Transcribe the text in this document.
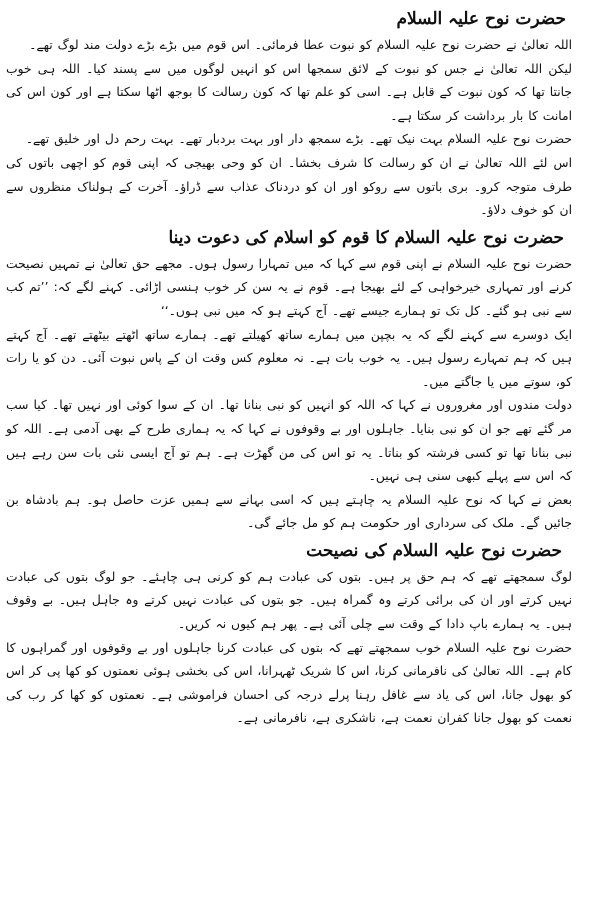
حضرت نوح علیہ السلام

اللہ تعالیٰ نے حضرت نوح علیہ السلام کو نبوت عطا فرمائی۔ اس قوم میں بڑے بڑے دولت مند لوگ تھے۔

لیکن اللہ تعالیٰ نے جس کو نبوت کے لائق سمجھا اس کو انہیں لوگوں میں سے پسند کیا۔ اللہ ہی خوب جانتا تھا کہ کون نبوت کے قابل ہے۔ اسی کو علم تھا کہ کون رسالت کا بوجھ اٹھا سکتا ہے اور کون اس کی امانت کا بار برداشت کر سکتا ہے۔

حضرت نوح علیہ السلام بہت نیک تھے۔ بڑے سمجھ دار اور بہت بردبار تھے۔ بہت رحم دل اور خلیق تھے۔

اس لئے اللہ تعالیٰ نے ان کو رسالت کا شرف بخشا۔ ان کو وحی بھیجی کہ اپنی قوم کو اچھی باتوں کی طرف متوجہ کرو۔ بری باتوں سے روکو اور ان کو دردناک عذاب سے ڈراؤ۔ آخرت کے ہولناک منظروں سے ان کو خوف دلاؤ۔

حضرت نوح علیہ السلام کا قوم کو اسلام کی دعوت دینا

حضرت نوح علیہ السلام نے اپنی قوم سے کہا کہ میں تمہارا رسول ہوں۔ مجھے حق تعالیٰ نے تمہیں نصیحت کرنے اور تمہاری خیرخواہی کے لئے بھیجا ہے۔ قوم نے یہ سن کر خوب ہنسی اڑائی۔ کہنے لگے کہ: ’’تم کب سے نبی ہو گئے۔ کل تک تو ہمارے جیسے تھے۔ آج کہتے ہو کہ میں نبی ہوں۔‘‘

ایک دوسرے سے کہنے لگے کہ یہ بچپن میں ہمارے ساتھ کھیلتے تھے۔ ہمارے ساتھ اٹھتے بیٹھتے تھے۔ آج کہتے ہیں کہ ہم تمہارے رسول ہیں۔ یہ خوب بات ہے۔ نہ معلوم کس وقت ان کے پاس نبوت آئی۔ دن کو یا رات کو، سوتے میں یا جاگتے میں۔

دولت مندوں اور مغروروں نے کہا کہ اللہ کو انہیں کو نبی بنانا تھا۔ ان کے سوا کوئی اور نہیں تھا۔ کیا سب مر گئے تھے جو ان کو نبی بنایا۔ جاہلوں اور بے وقوفوں نے کہا کہ یہ ہماری طرح کے بھی آدمی ہے۔ اللہ کو نبی بنانا تھا تو کسی فرشتہ کو بناتا۔ یہ تو اس کی من گھڑت ہے۔ ہم تو آج ایسی نئی بات سن رہے ہیں کہ اس سے پہلے کبھی سنی ہی نہیں۔

بعض نے کہا کہ نوح علیہ السلام یہ چاہتے ہیں کہ اسی بہانے سے ہمیں عزت حاصل ہو۔ ہم بادشاہ بن جائیں گے۔ ملک کی سرداری اور حکومت ہم کو مل جائے گی۔

حضرت نوح علیہ السلام کی نصیحت

لوگ سمجھتے تھے کہ ہم حق پر ہیں۔ بتوں کی عبادت ہم کو کرنی ہی چاہئے۔ جو لوگ بتوں کی عبادت نہیں کرتے اور ان کی برائی کرتے وہ گمراہ ہیں۔ جو بتوں کی عبادت نہیں کرتے وہ جاہل ہیں۔ بے وقوف ہیں۔ یہ ہمارے باپ دادا کے وقت سے چلی آئی ہے۔ پھر ہم کیوں نہ کریں۔

حضرت نوح علیہ السلام خوب سمجھتے تھے کہ بتوں کی عبادت کرنا جاہلوں اور بے وقوفوں اور گمراہوں کا کام ہے۔ اللہ تعالیٰ کی نافرمانی کرنا، اس کا شریک ٹھہرانا، اس کی بخشی ہوئی نعمتوں کو کھا پی کر اس کو بھول جانا، اس کی یاد سے غافل رہنا پرلے درجہ کی احسان فراموشی ہے۔ نعمتوں کو کھا کر رب کی نعمت کو بھول جانا کفران نعمت ہے، ناشکری ہے، نافرمانی ہے۔
